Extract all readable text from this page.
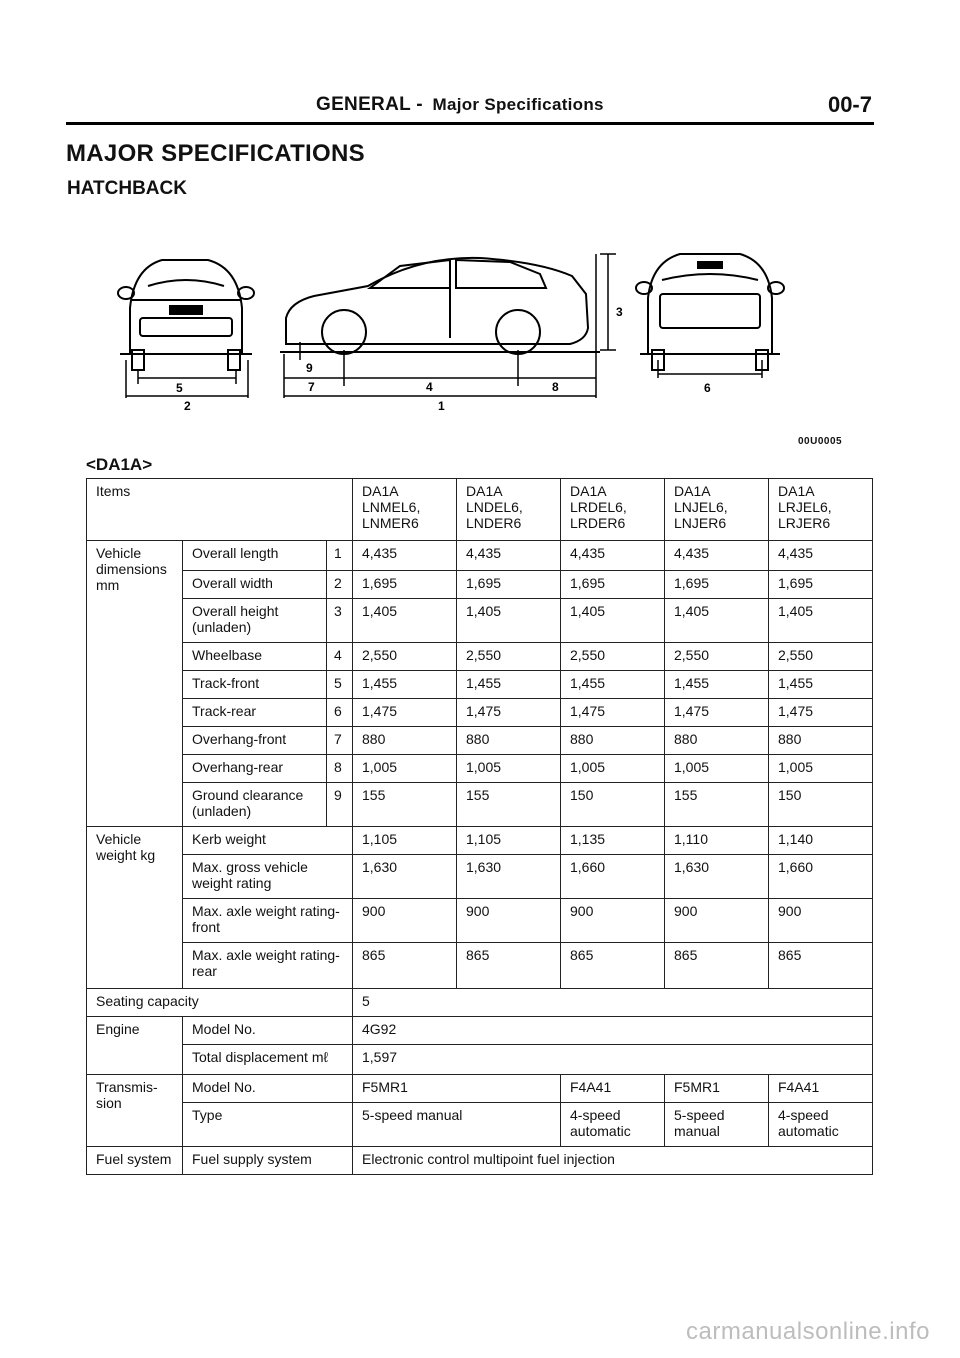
GENERAL - Major Specifications	00-7
MAJOR SPECIFICATIONS
HATCHBACK
5
2
9
7	4	8
1
3
6
00U0005
<DA1A>
Items			DA1A LNMEL6, LNMER6	DA1A LNDEL6, LNDER6	DA1A LRDEL6, LRDER6	DA1A LNJEL6, LNJER6	DA1A LRJEL6, LRJER6
Vehicle dimensions mm	Overall length	1	4,435	4,435	4,435	4,435	4,435
	Overall width	2	1,695	1,695	1,695	1,695	1,695
	Overall height (unladen)	3	1,405	1,405	1,405	1,405	1,405
	Wheelbase	4	2,550	2,550	2,550	2,550	2,550
	Track-front	5	1,455	1,455	1,455	1,455	1,455
	Track-rear	6	1,475	1,475	1,475	1,475	1,475
	Overhang-front	7	880	880	880	880	880
	Overhang-rear	8	1,005	1,005	1,005	1,005	1,005
	Ground clearance (unladen)	9	155	155	150	155	150
Vehicle weight kg	Kerb weight		1,105	1,105	1,135	1,110	1,140
	Max. gross vehicle weight rating		1,630	1,630	1,660	1,630	1,660
	Max. axle weight rating-front		900	900	900	900	900
	Max. axle weight rating-rear		865	865	865	865	865
Seating capacity			5				
Engine	Model No.		4G92				
	Total displacement mℓ		1,597				
Transmis- sion	Model No.		F5MR1		F4A41	F5MR1	F4A41
	Type		5-speed manual		4-speed automatic	5-speed manual	4-speed automatic
Fuel system	Fuel supply system		Electronic control multipoint fuel injection				
carmanualsonline.info
